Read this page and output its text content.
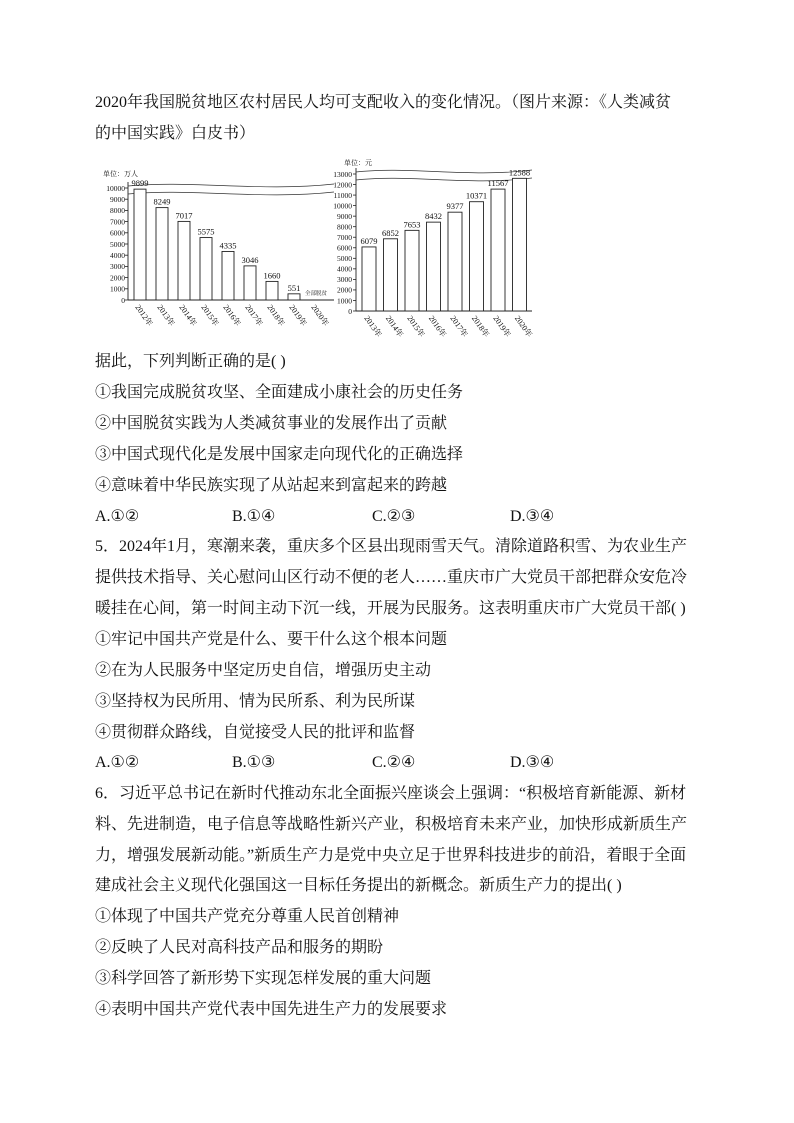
2020年我国脱贫地区农村居民人均可支配收入的变化情况。（图片来源：《人类减贫
的中国实践》白皮书）
单位：万人
0
1000
2000
3000
4000
5000
6000
7000
8000
9000
10000
9899
2012年
8249
2013年
7017
2014年
5575
2015年
4335
2016年
3046
2017年
1660
2018年
551
2019年
全部脱贫
2020年
单位：元
0
1000
2000
3000
4000
5000
6000
7000
8000
9000
10000
11000
12000
13000
6079
2013年
6852
2014年
7653
2015年
8432
2016年
9377
2017年
10371
2018年
11567
2019年
12588
2020年
据此，下列判断正确的是( )
①我国完成脱贫攻坚、全面建成小康社会的历史任务
②中国脱贫实践为人类减贫事业的发展作出了贡献
③中国式现代化是发展中国家走向现代化的正确选择
④意味着中华民族实现了从站起来到富起来的跨越
A.①②	B.①④	C.②③	D.③④
5．2024年1月，寒潮来袭，重庆多个区县出现雨雪天气。清除道路积雪、为农业生产
提供技术指导、关心慰问山区行动不便的老人……重庆市广大党员干部把群众安危冷
暖挂在心间，第一时间主动下沉一线，开展为民服务。这表明重庆市广大党员干部( )
①牢记中国共产党是什么、要干什么这个根本问题
②在为人民服务中坚定历史自信，增强历史主动
③坚持权为民所用、情为民所系、利为民所谋
④贯彻群众路线，自觉接受人民的批评和监督
A.①②	B.①③	C.②④	D.③④
6．习近平总书记在新时代推动东北全面振兴座谈会上强调：“积极培育新能源、新材
料、先进制造，电子信息等战略性新兴产业，积极培育未来产业，加快形成新质生产
力，增强发展新动能。”新质生产力是党中央立足于世界科技进步的前沿，着眼于全面
建成社会主义现代化强国这一目标任务提出的新概念。新质生产力的提出( )
①体现了中国共产党充分尊重人民首创精神
②反映了人民对高科技产品和服务的期盼
③科学回答了新形势下实现怎样发展的重大问题
④表明中国共产党代表中国先进生产力的发展要求
